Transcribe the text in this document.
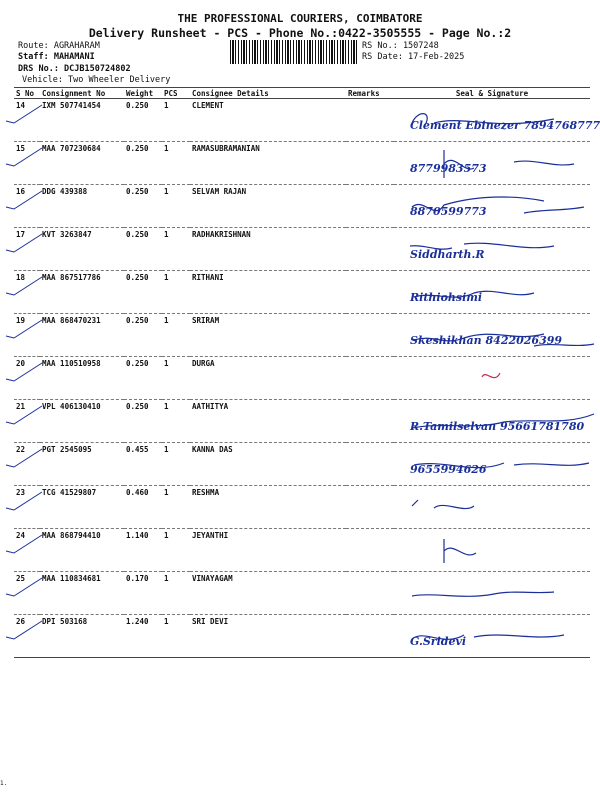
THE PROFESSIONAL COURIERS, COIMBATORE
Delivery Runsheet - PCS - Phone No.:0422-3505555 - Page No.:2
Route: AGRAHARAM
Staff: MAHAMANI
DRS No.: DCJB150724802
Vehicle: Two Wheeler Delivery
RS No.: 1507248
RS Date: 17-Feb-2025
S No	Consignment No	Weight	PCS	Consignee Details	Remarks	Seal & Signature
14	IXM 507741454	0.250	1	CLEMENT		Clement Ebinezer 7894768777

15	MAA 707230684	0.250	1	RAMASUBRAMANIAN		8779983573

16	DDG 439388	0.250	1	SELVAM RAJAN		8870599773

17	KVT 3263847	0.250	1	RADHAKRISHNAN		Siddharth.R

18	MAA 867517786	0.250	1	RITHANI		Rithiohsimi

19	MAA 868470231	0.250	1	SRIRAM		Skeshikhan 8422026399

20	MAA 110510958	0.250	1	DURGA		

21	VPL 406130410	0.250	1	AATHITYA		R.Tamilselvan 95661781780

22	PGT 2545095	0.455	1	KANNA DAS		9655994626

23	TCG 41529807	0.460	1	RESHMA		

24	MAA 868794410	1.140	1	JEYANTHI		

25	MAA 110834681	0.170	1	VINAYAGAM		

26	DPI 503168	1.240	1	SRI DEVI		G.Sridevi
1.
